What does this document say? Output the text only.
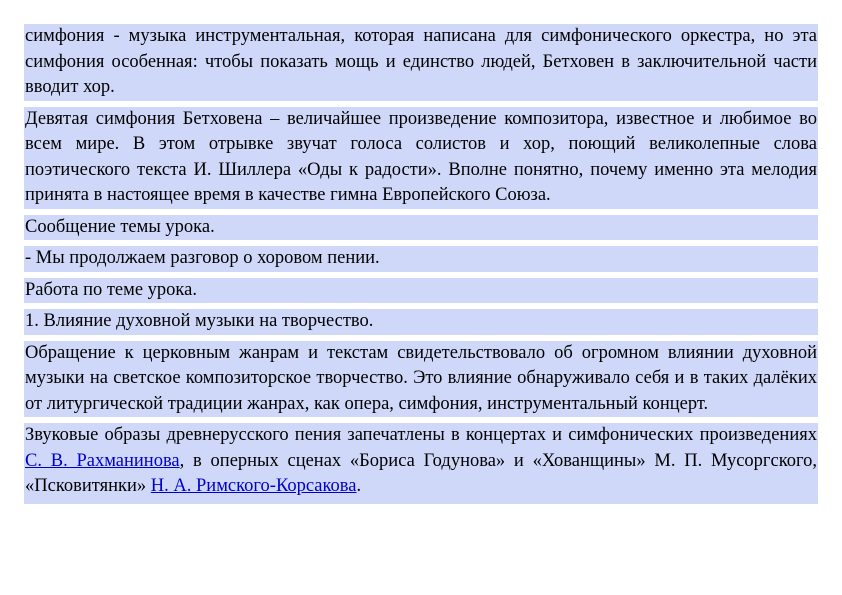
симфония - музыка инструментальная, которая написана для симфонического оркестра, но эта симфония особенная: чтобы показать мощь и единство людей, Бетховен в заключительной части вводит хор.

Девятая симфония Бетховена – величайшее произведение композитора, известное и любимое во всем мире. В этом отрывке звучат голоса солистов и хор, поющий великолепные слова поэтического текста И. Шиллера «Оды к радости». Вполне понятно, почему именно эта мелодия принята в настоящее время в качестве гимна Европейского Союза.

Сообщение темы урока.

- Мы продолжаем разговор о хоровом пении.

Работа по теме урока.

1. Влияние духовной музыки на творчество.

Обращение к церковным жанрам и текстам свидетельствовало об огромном влиянии духовной музыки на светское композиторское творчество. Это влияние обнаруживало себя и в таких далёких от литургической традиции жанрах, как опера, симфония, инструментальный концерт.

Звуковые образы древнерусского пения запечатлены в концертах и симфонических произведениях С. В. Рахманинова, в оперных сценах «Бориса Годунова» и «Хованщины» М. П. Мусоргского, «Псковитянки» Н. А. Римского-Корсакова.
